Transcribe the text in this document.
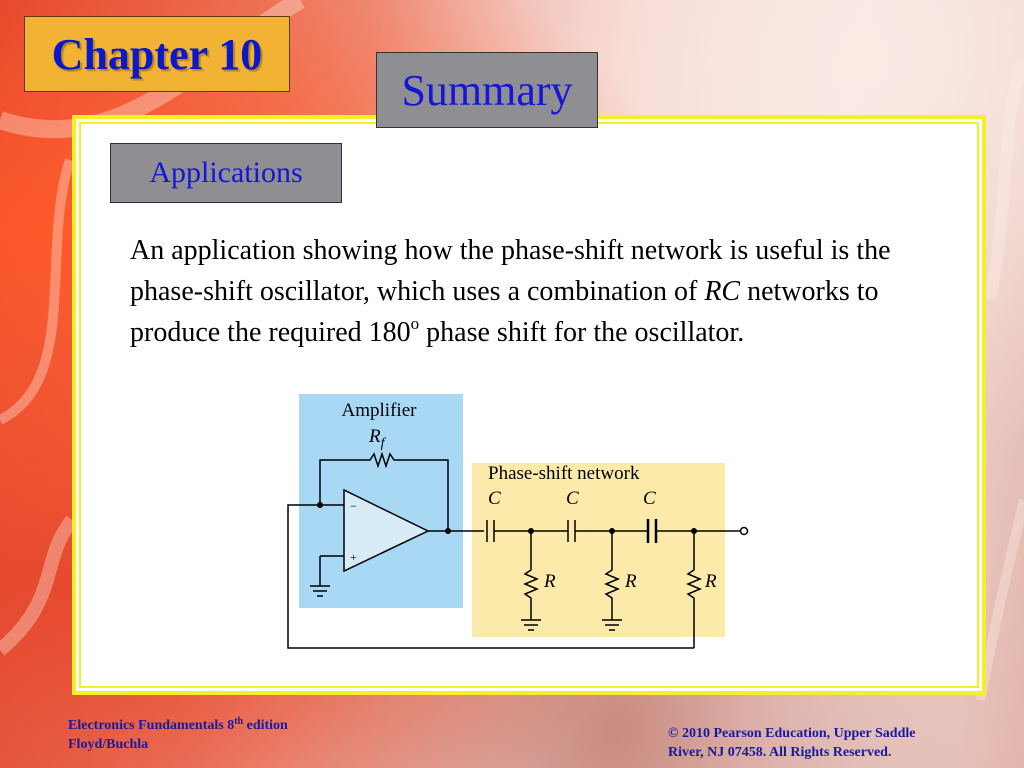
Chapter 10
Summary
Applications
An application showing how the phase-shift network is useful is the phase-shift oscillator, which uses a combination of RC networks to produce the required 180$^o$ phase shift for the oscillator.
Amplifier
$R_f$
Phase-shift network
C	C	C
−
+
R	R	R
Electronics Fundamentals 8th edition
Floyd/Buchla
© 2010 Pearson Education, Upper Saddle
River, NJ 07458. All Rights Reserved.
